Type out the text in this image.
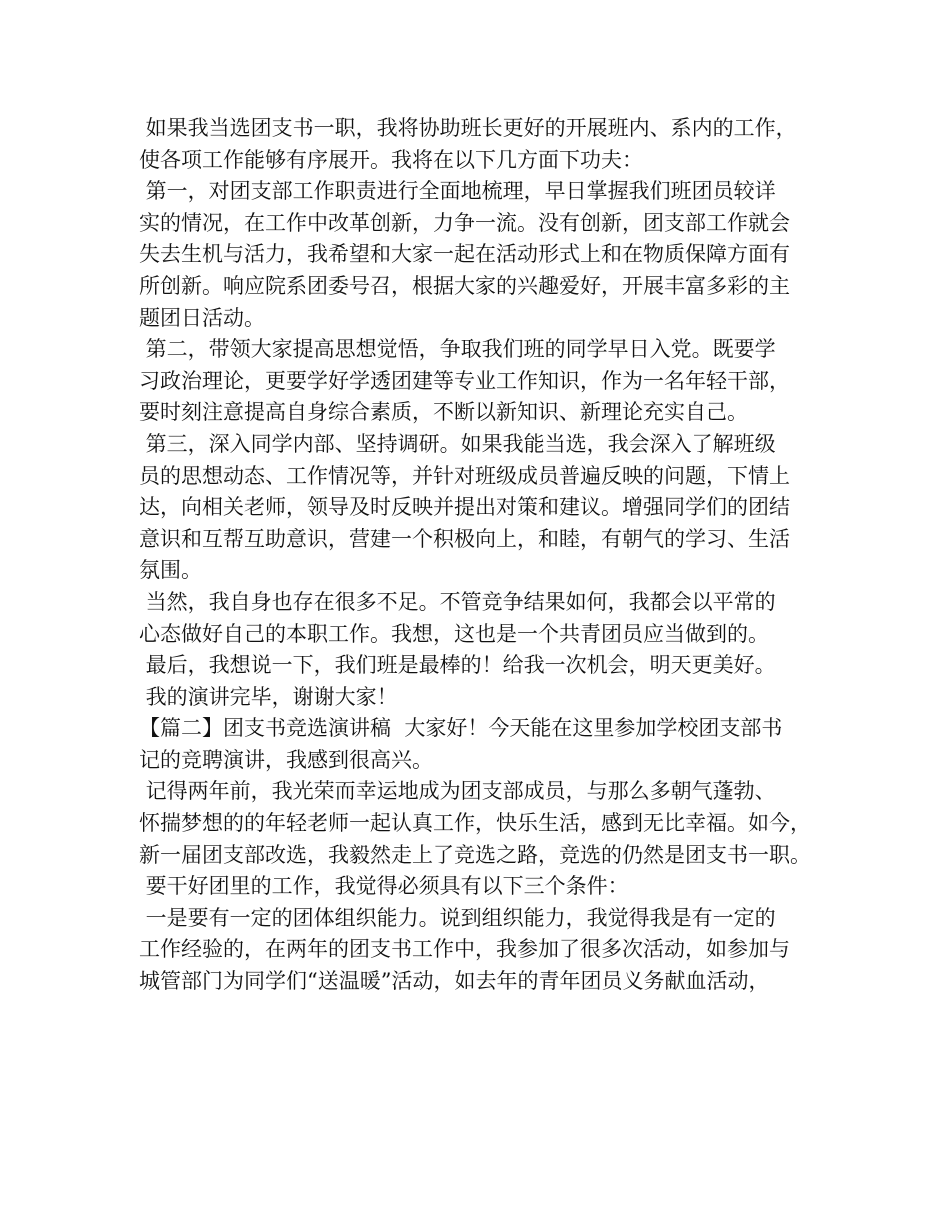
如果我当选团支书一职，我将协助班长更好的开展班内、系内的工作，
使各项工作能够有序展开。我将在以下几方面下功夫：
第一，对团支部工作职责进行全面地梳理，早日掌握我们班团员较详
实的情况，在工作中改革创新，力争一流。没有创新，团支部工作就会
失去生机与活力，我希望和大家一起在活动形式上和在物质保障方面有
所创新。响应院系团委号召，根据大家的兴趣爱好，开展丰富多彩的主
题团日活动。
第二，带领大家提高思想觉悟，争取我们班的同学早日入党。既要学
习政治理论，更要学好学透团建等专业工作知识，作为一名年轻干部，
要时刻注意提高自身综合素质，不断以新知识、新理论充实自己。
第三，深入同学内部、坚持调研。如果我能当选，我会深入了解班级
员的思想动态、工作情况等，并针对班级成员普遍反映的问题，下情上
达，向相关老师，领导及时反映并提出对策和建议。增强同学们的团结
意识和互帮互助意识，营建一个积极向上，和睦，有朝气的学习、生活
氛围。
当然，我自身也存在很多不足。不管竞争结果如何，我都会以平常的
心态做好自己的本职工作。我想，这也是一个共青团员应当做到的。
最后，我想说一下，我们班是最棒的！给我一次机会，明天更美好。
我的演讲完毕，谢谢大家！
【篇二】团支书竞选演讲稿  大家好！今天能在这里参加学校团支部书
记的竞聘演讲，我感到很高兴。
记得两年前，我光荣而幸运地成为团支部成员，与那么多朝气蓬勃、
怀揣梦想的的年轻老师一起认真工作，快乐生活，感到无比幸福。如今，
新一届团支部改选，我毅然走上了竞选之路，竞选的仍然是团支书一职。
要干好团里的工作，我觉得必须具有以下三个条件：
一是要有一定的团体组织能力。说到组织能力，我觉得我是有一定的
工作经验的，在两年的团支书工作中，我参加了很多次活动，如参加与
城管部门为同学们“送温暖”活动，如去年的青年团员义务献血活动，
